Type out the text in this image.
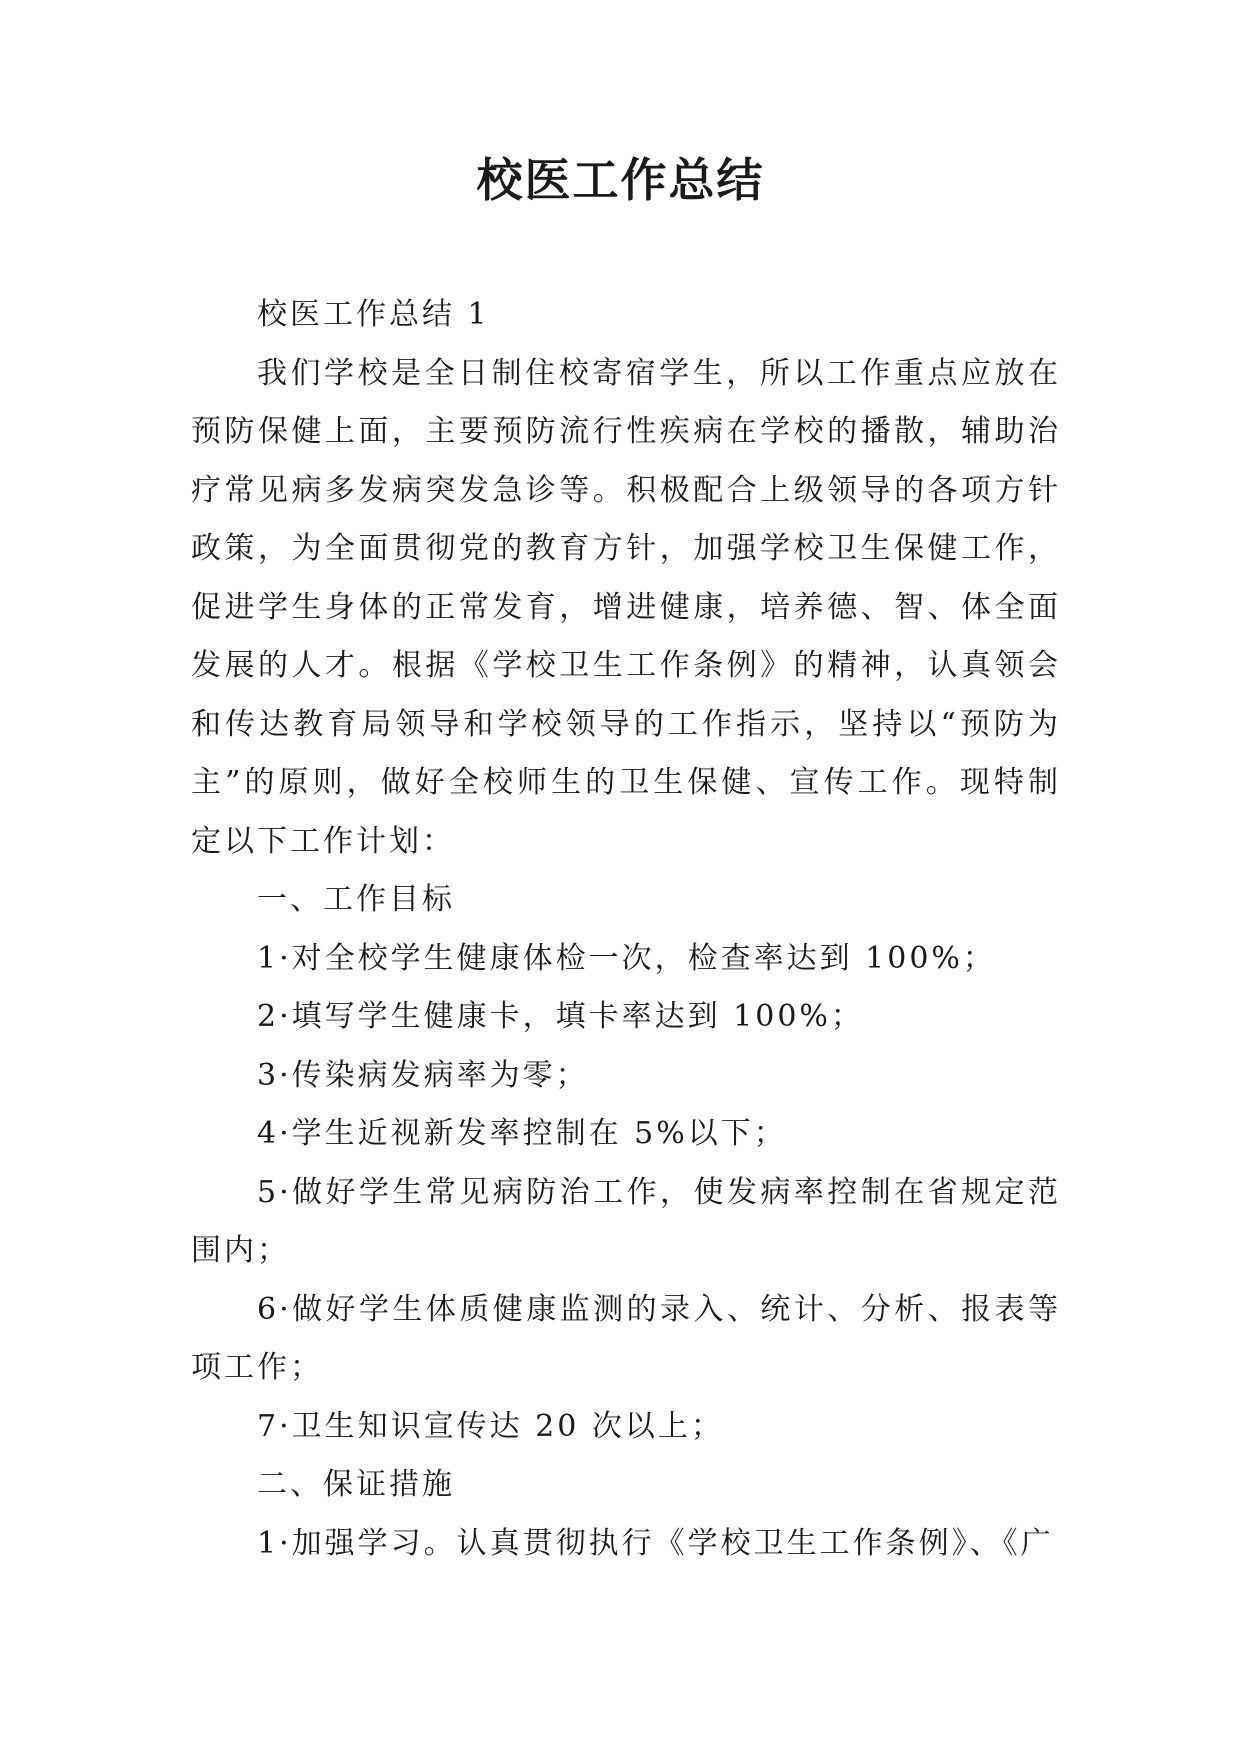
校医工作总结

校医工作总结 1

我们学校是全日制住校寄宿学生，所以工作重点应放在预防保健上面，主要预防流行性疾病在学校的播散，辅助治疗常见病多发病突发急诊等。积极配合上级领导的各项方针政策，为全面贯彻党的教育方针，加强学校卫生保健工作，促进学生身体的正常发育，增进健康，培养德、智、体全面发展的人才。根据《学校卫生工作条例》的精神，认真领会和传达教育局领导和学校领导的工作指示，坚持以“预防为主”的原则，做好全校师生的卫生保健、宣传工作。现特制定以下工作计划：

一、工作目标

1·对全校学生健康体检一次，检查率达到 100%；

2·填写学生健康卡，填卡率达到 100%；

3·传染病发病率为零；

4·学生近视新发率控制在 5%以下；

5·做好学生常见病防治工作，使发病率控制在省规定范围内；

6·做好学生体质健康监测的录入、统计、分析、报表等项工作；

7·卫生知识宣传达 20 次以上；

二、保证措施

1·加强学习。认真贯彻执行《学校卫生工作条例》、《广
